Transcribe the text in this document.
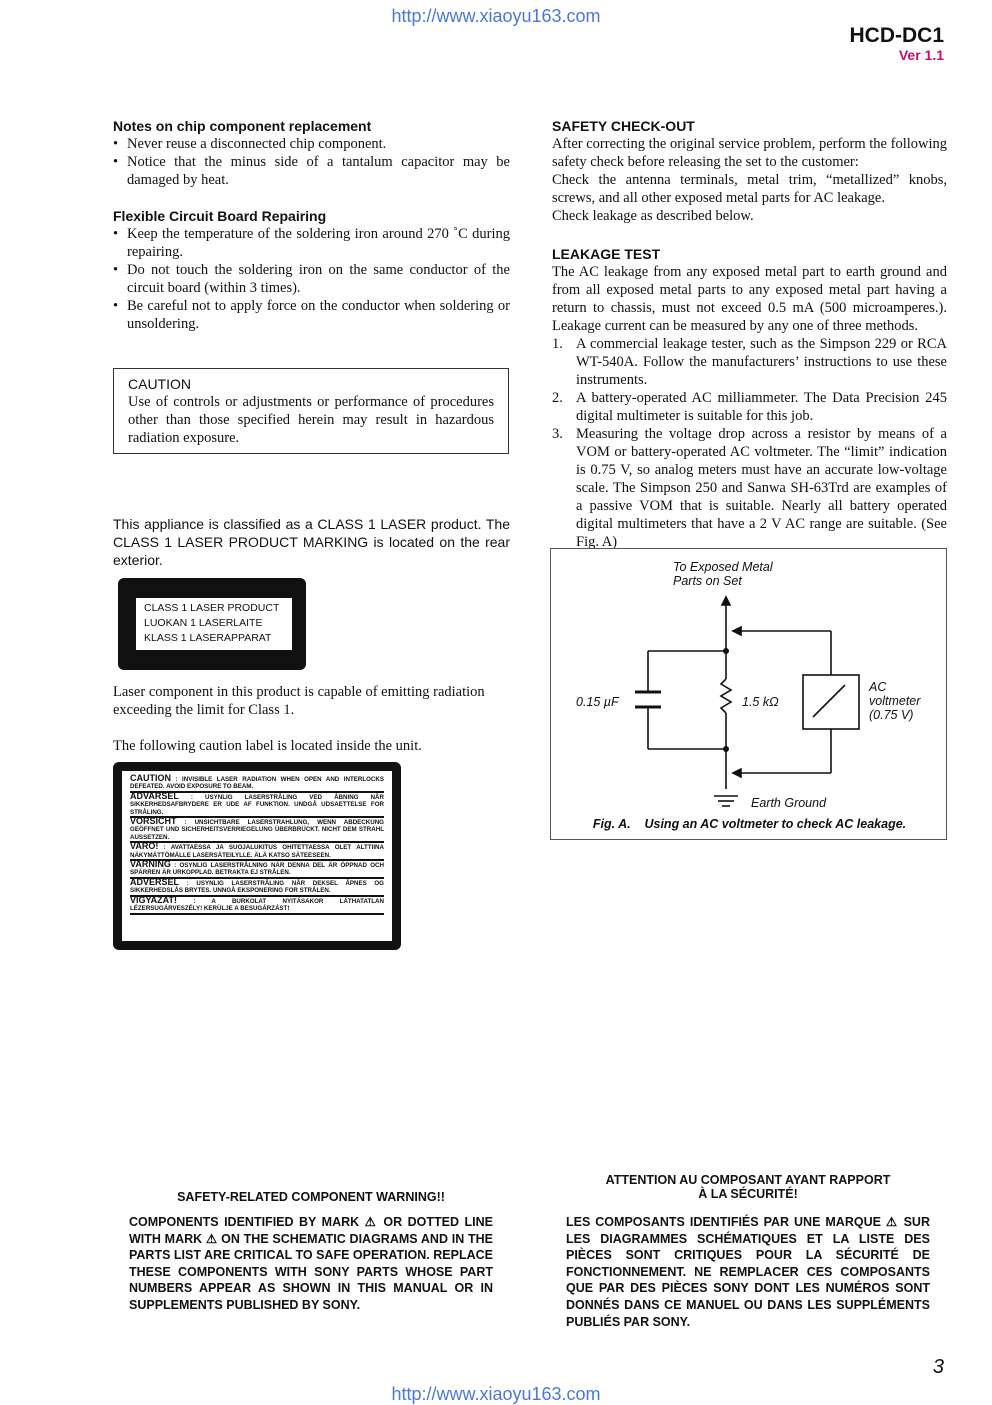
http://www.xiaoyu163.com
HCD-DC1
Ver 1.1
Notes on chip component replacement
• Never reuse a disconnected chip component.
• Notice that the minus side of a tantalum capacitor may be damaged by heat.
Flexible Circuit Board Repairing
• Keep the temperature of the soldering iron around 270 ˚C during repairing.
• Do not touch the soldering iron on the same conductor of the circuit board (within 3 times).
• Be careful not to apply force on the conductor when soldering or unsoldering.
CAUTION

Use of controls or adjustments or performance of procedures other than those specified herein may result in hazardous radiation exposure.

This appliance is classified as a CLASS 1 LASER product. The CLASS 1 LASER PRODUCT MARKING is located on the rear exterior.
CLASS 1 LASER PRODUCT
LUOKAN 1 LASERLAITE
KLASS 1 LASERAPPARAT
Laser component in this product is capable of emitting radiation exceeding the limit for Class 1.
The following caution label is located inside the unit.
CAUTION : INVISIBLE LASER RADIATION WHEN OPEN AND INTERLOCKS DEFEATED. AVOID EXPOSURE TO BEAM.
ADVARSEL : USYNLIG LASERSTRÅLING VED ÅBNING NÅR SIKKERHEDSAFBRYDERE ER UDE AF FUNKTION. UNDGÅ UDSAETTELSE FOR STRÅLING.
VORSICHT : UNSICHTBARE LASERSTRAHLUNG, WENN ABDECKUNG GEÖFFNET UND SICHERHEITSVERRIEGELUNG ÜBERBRÜCKT. NICHT DEM STRAHL AUSSETZEN.
VARO! : AVATTAESSA JA SUOJALUKITUS OHITETTAESSA OLET ALTTIINA NÄKYMÄTTÖMÄLLE LASERSÄTEILYLLE. ÄLÄ KATSO SÄTEESEEN.
VARNING : OSYNLIG LASERSTRÅLNING NÄR DENNA DEL ÄR ÖPPNAD OCH SPÄRREN ÄR URKOPPLAD. BETRAKTA EJ STRÅLEN.
ADVERSEL : USYNLIG LASERSTRÅLING NÅR DEKSEL ÅPNES OG SIKKERHEDSLÅS BRYTES. UNNGÅ EKSPONERING FOR STRÅLEN.
VIGYAZAT!	: A BURKOLAT NYITÁSAKOR LÁTHATATLAN LÉZERSUGÁRVESZÉLY! KERÜLJE A BESUGÁRZÁST!
SAFETY CHECK-OUT

After correcting the original service problem, perform the following safety check before releasing the set to the customer:

Check the antenna terminals, metal trim, “metallized” knobs, screws, and all other exposed metal parts for AC leakage.

Check leakage as described below.

LEAKAGE TEST

The AC leakage from any exposed metal part to earth ground and from all exposed metal parts to any exposed metal part having a return to chassis, must not exceed 0.5 mA (500 microamperes.). Leakage current can be measured by any one of three methods.

1. A commercial leakage tester, such as the Simpson 229 or RCA WT-540A. Follow the manufacturers’ instructions to use these instruments.
2. A battery-operated AC milliammeter. The Data Precision 245 digital multimeter is suitable for this job.
3. Measuring the voltage drop across a resistor by means of a VOM or battery-operated AC voltmeter. The “limit” indication is 0.75 V, so analog meters must have an accurate low-voltage scale. The Simpson 250 and Sanwa SH-63Trd are examples of a passive VOM that is suitable. Nearly all battery operated digital multimeters that have a 2 V AC range are suitable. (See Fig. A)
To Exposed Metal
Parts on Set
0.15 µF	1.5 kΩ
AC
voltmeter
(0.75 V)
Earth Ground
Fig. A.    Using an AC voltmeter to check AC leakage.
SAFETY-RELATED COMPONENT WARNING!!
COMPONENTS IDENTIFIED BY MARK ⚠ OR DOTTED LINE WITH MARK ⚠ ON THE SCHEMATIC DIAGRAMS AND IN THE PARTS LIST ARE CRITICAL TO SAFE OPERATION. REPLACE THESE COMPONENTS WITH SONY PARTS WHOSE PART NUMBERS APPEAR AS SHOWN IN THIS MANUAL OR IN SUPPLEMENTS PUBLISHED BY SONY.
ATTENTION AU COMPOSANT AYANT RAPPORT
À LA SÉCURITÉ!
LES COMPOSANTS IDENTIFIÉS PAR UNE MARQUE ⚠ SUR LES DIAGRAMMES SCHÉMATIQUES ET LA LISTE DES PIÈCES SONT CRITIQUES POUR LA SÉCURITÉ DE FONCTIONNEMENT. NE REMPLACER CES COMPOSANTS QUE PAR DES PIÈCES SONY DONT LES NUMÉROS SONT DONNÉS DANS CE MANUEL OU DANS LES SUPPLÉMENTS PUBLIÉS PAR SONY.
3
http://www.xiaoyu163.com
